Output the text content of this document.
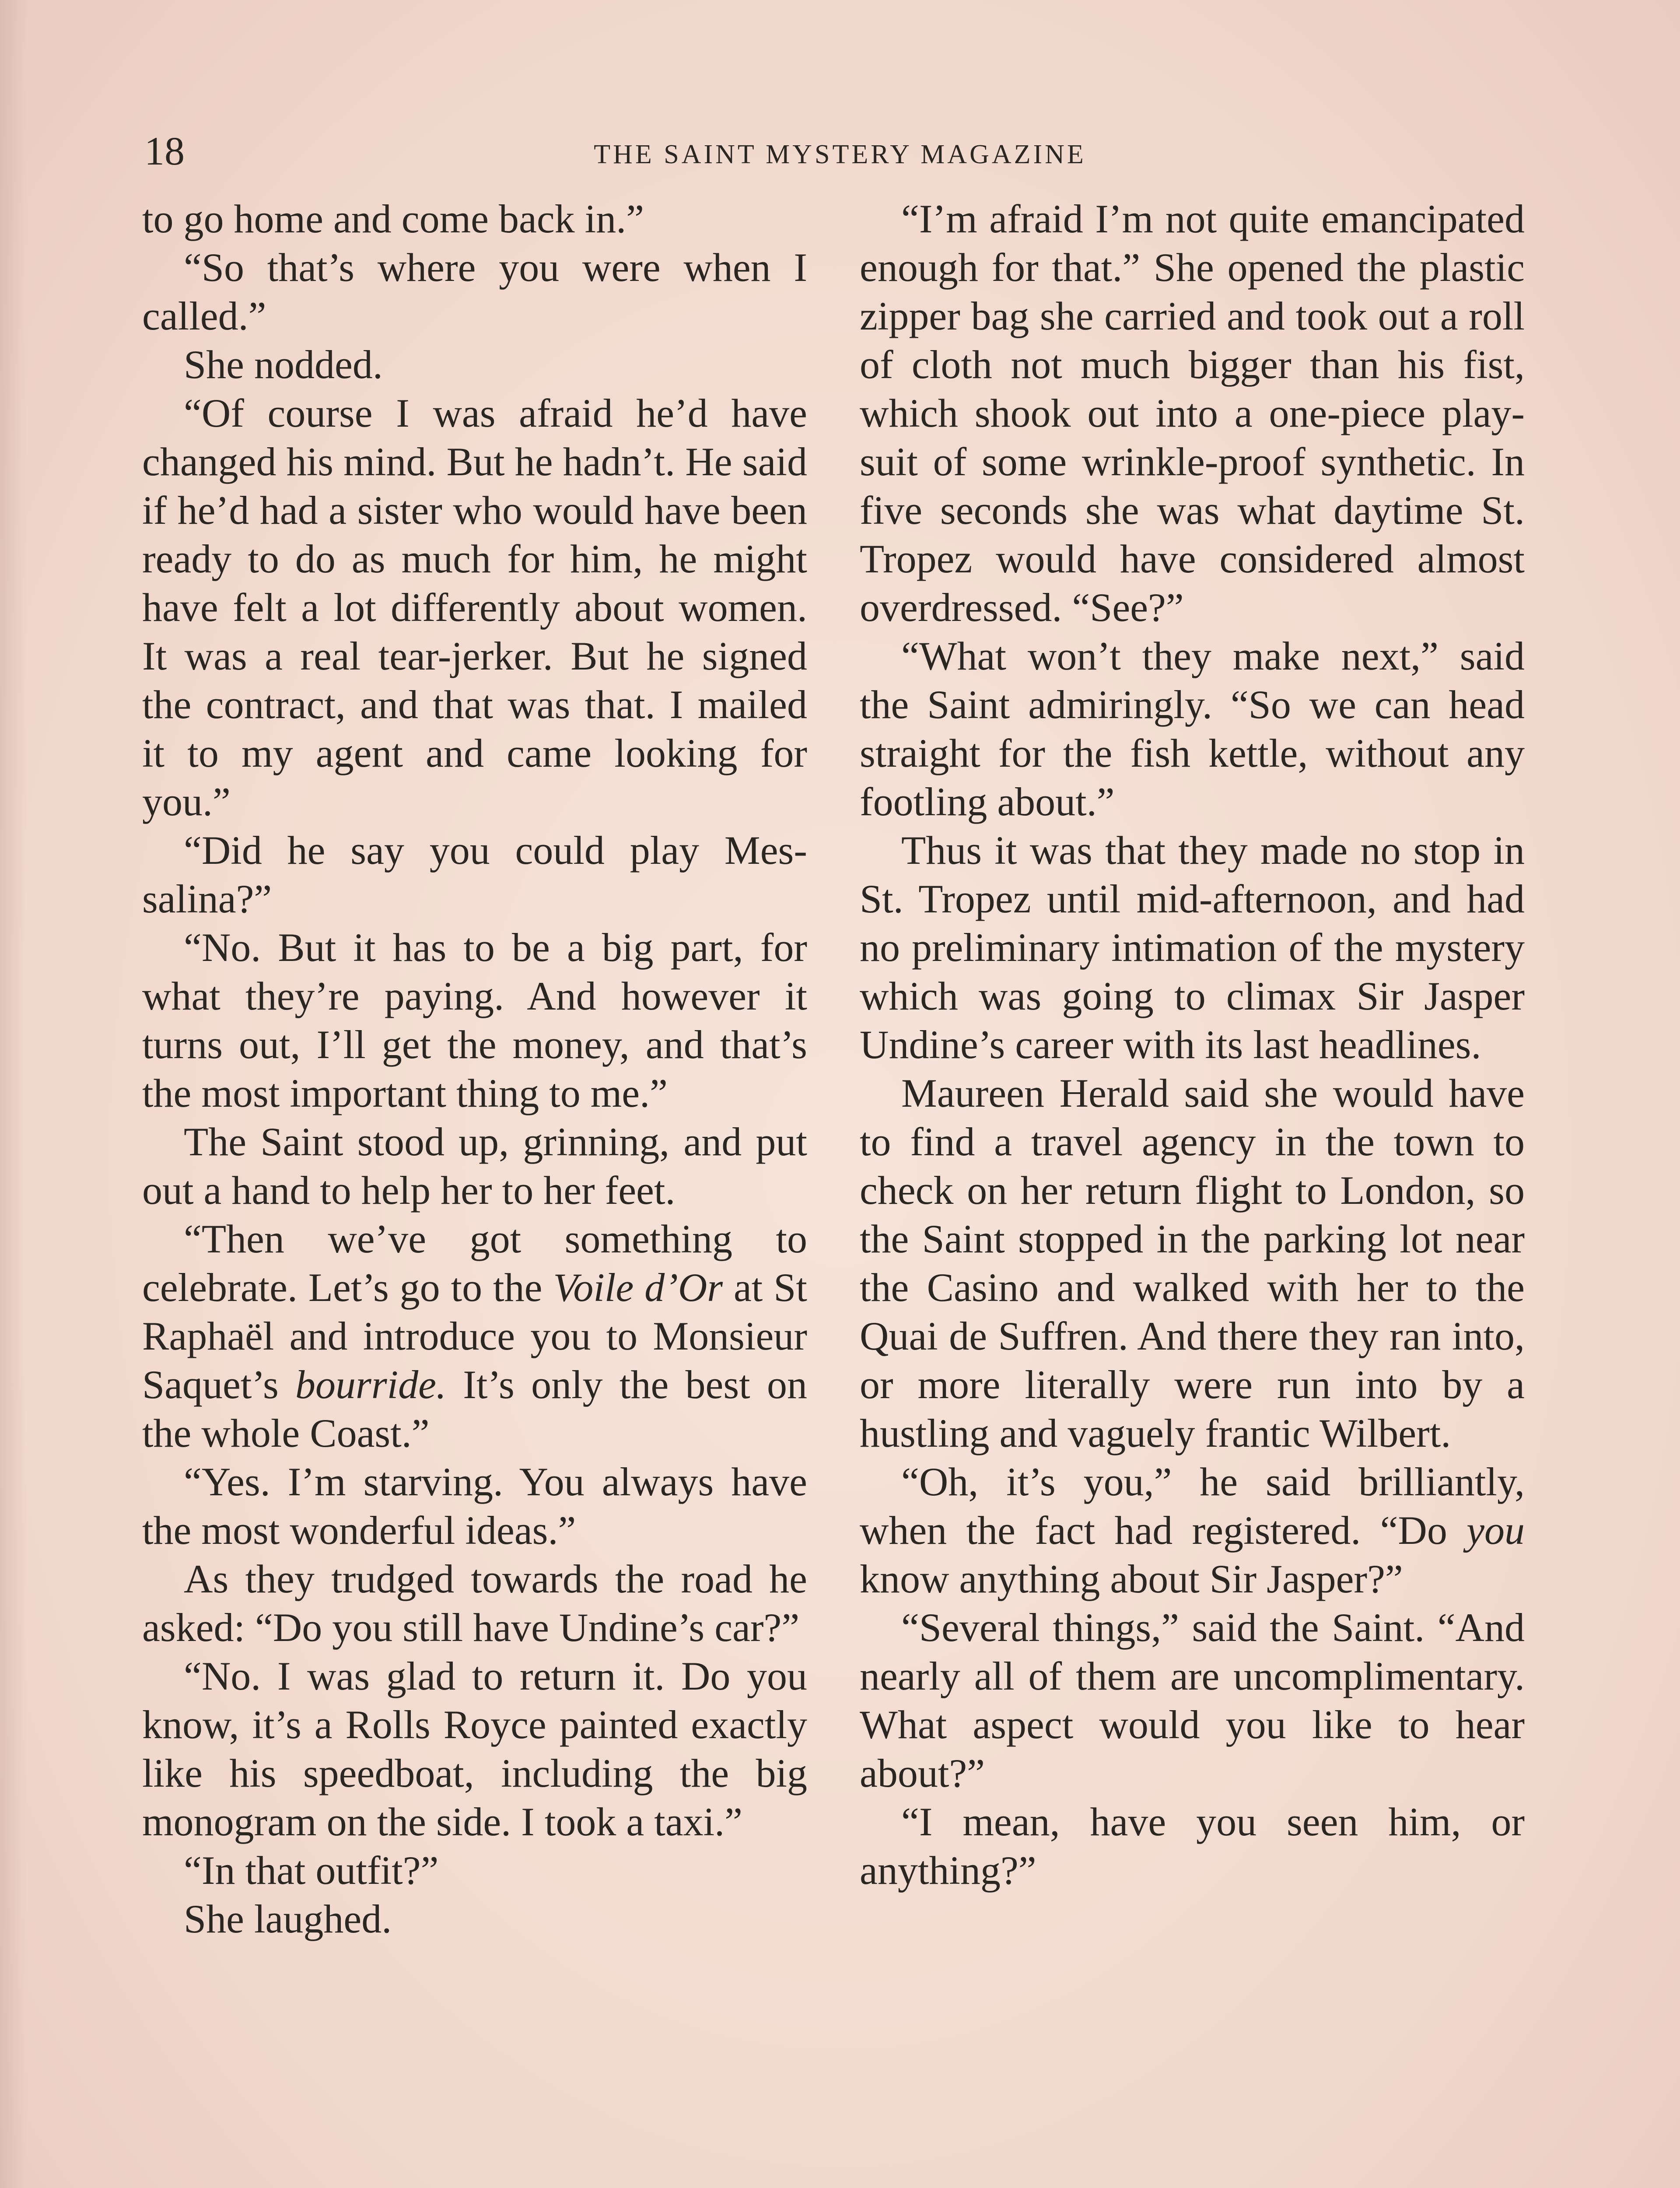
18	THE SAINT MYSTERY MAGAZINE

to go home and come back in.”

“So that’s where you were when I called.”

She nodded.

“Of course I was afraid he’d have changed his mind. But he hadn’t. He said if he’d had a sister who would have been ready to do as much for him, he might have felt a lot differently about women. It was a real tear-jerker. But he signed the contract, and that was that. I mailed it to my agent and came looking for you.”

“Did he say you could play Messalina?”

“No. But it has to be a big part, for what they’re paying. And however it turns out, I’ll get the money, and that’s the most important thing to me.”

The Saint stood up, grinning, and put out a hand to help her to her feet.

“Then we’ve got something to celebrate. Let’s go to the Voile d’Or at St Raphaël and introduce you to Monsieur Saquet’s bourride. It’s only the best on the whole Coast.”

“Yes. I’m starving. You always have the most wonderful ideas.”

As they trudged towards the road he asked: “Do you still have Undine’s car?”

“No. I was glad to return it. Do you know, it’s a Rolls Royce painted exactly like his speedboat, including the big monogram on the side. I took a taxi.”

“In that outfit?”

She laughed.

“I’m afraid I’m not quite emancipated enough for that.” She opened the plastic zipper bag she carried and took out a roll of cloth not much bigger than his fist, which shook out into a one-piece play-suit of some wrinkle-proof synthetic. In five seconds she was what daytime St. Tropez would have considered almost overdressed. “See?”

“What won’t they make next,” said the Saint admiringly. “So we can head straight for the fish kettle, without any footling about.”

Thus it was that they made no stop in St. Tropez until mid-afternoon, and had no preliminary intimation of the mystery which was going to climax Sir Jasper Undine’s career with its last headlines.

Maureen Herald said she would have to find a travel agency in the town to check on her return flight to London, so the Saint stopped in the parking lot near the Casino and walked with her to the Quai de Suffren. And there they ran into, or more literally were run into by a hustling and vaguely frantic Wilbert.

“Oh, it’s you,” he said brilliantly, when the fact had registered. “Do you know anything about Sir Jasper?”

“Several things,” said the Saint. “And nearly all of them are uncomplimentary. What aspect would you like to hear about?”

“I mean, have you seen him, or anything?”
